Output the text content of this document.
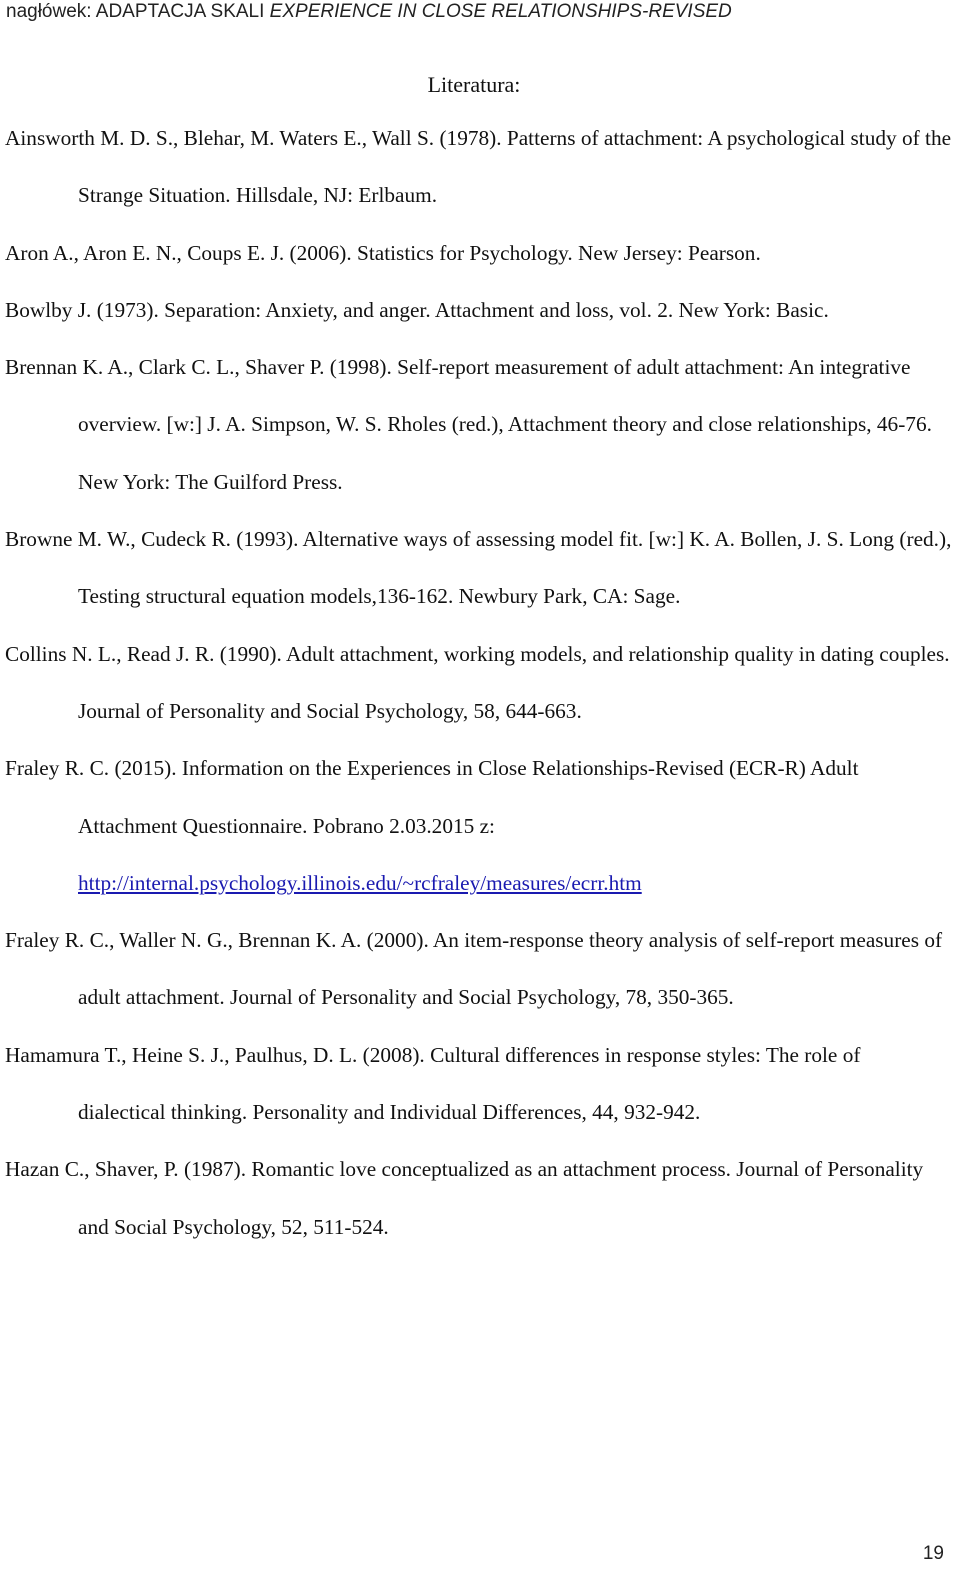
nagłówek: ADAPTACJA SKALI EXPERIENCE IN CLOSE RELATIONSHIPS-REVISED
Literatura:

Ainsworth M. D. S., Blehar, M. Waters E., Wall S. (1978). Patterns of attachment: A psychological study of the Strange Situation. Hillsdale, NJ: Erlbaum.

Aron A., Aron E. N., Coups E. J. (2006). Statistics for Psychology. New Jersey: Pearson.

Bowlby J. (1973). Separation: Anxiety, and anger. Attachment and loss, vol. 2. New York: Basic.

Brennan K. A., Clark C. L., Shaver P. (1998). Self-report measurement of adult attachment: An integrative overview. [w:] J. A. Simpson, W. S. Rholes (red.), Attachment theory and close relationships, 46-76. New York: The Guilford Press.

Browne M. W., Cudeck R. (1993). Alternative ways of assessing model fit. [w:] K. A. Bollen, J. S. Long (red.), Testing structural equation models,136-162. Newbury Park, CA: Sage.

Collins N. L., Read J. R. (1990). Adult attachment, working models, and relationship quality in dating couples. Journal of Personality and Social Psychology, 58, 644-663.

Fraley R. C. (2015). Information on the Experiences in Close Relationships-Revised (ECR-R) Adult Attachment Questionnaire. Pobrano 2.03.2015 z: http://internal.psychology.illinois.edu/~rcfraley/measures/ecrr.htm

Fraley R. C., Waller N. G., Brennan K. A. (2000). An item-response theory analysis of self-report measures of adult attachment. Journal of Personality and Social Psychology, 78, 350-365.

Hamamura T., Heine S. J., Paulhus, D. L. (2008). Cultural differences in response styles: The role of dialectical thinking. Personality and Individual Differences, 44, 932-942.

Hazan C., Shaver, P. (1987). Romantic love conceptualized as an attachment process. Journal of Personality and Social Psychology, 52, 511-524.

19
